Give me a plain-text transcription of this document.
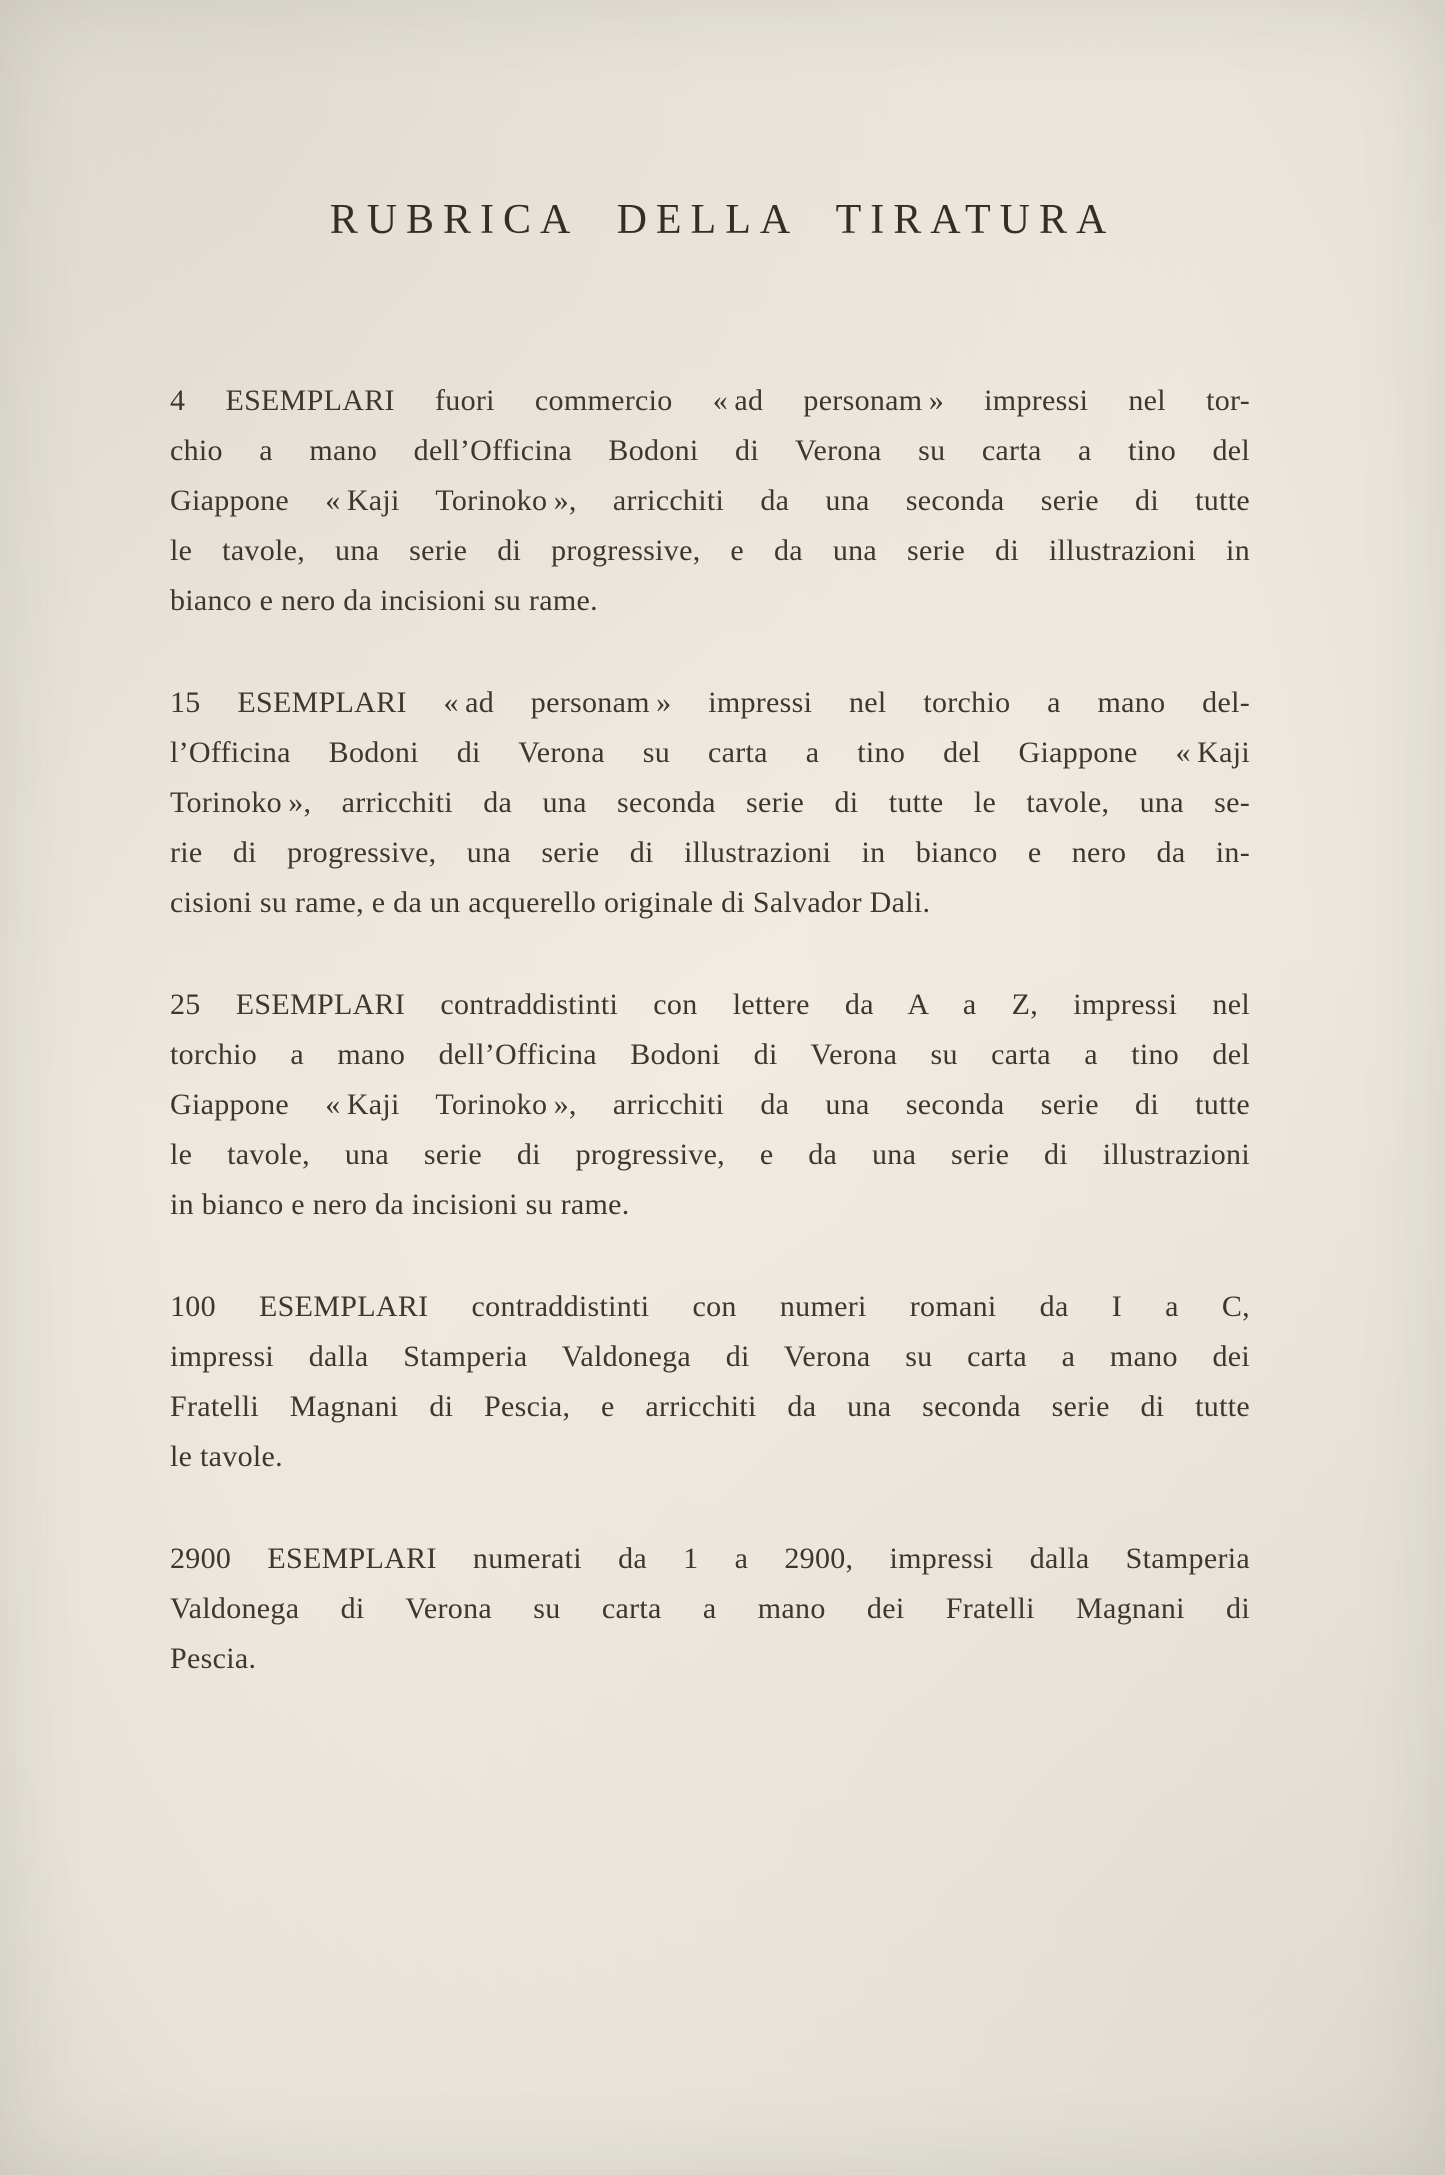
RUBRICA DELLA TIRATURA
4 ESEMPLARI fuori commercio « ad personam » impressi nel tor-
chio a mano dell’Officina Bodoni di Verona su carta a tino del
Giappone « Kaji Torinoko », arricchiti da una seconda serie di tutte
le tavole, una serie di progressive, e da una serie di illustrazioni in
bianco e nero da incisioni su rame.
15 ESEMPLARI « ad personam » impressi nel torchio a mano del-
l’Officina Bodoni di Verona su carta a tino del Giappone « Kaji
Torinoko », arricchiti da una seconda serie di tutte le tavole, una se-
rie di progressive, una serie di illustrazioni in bianco e nero da in-
cisioni su rame, e da un acquerello originale di Salvador Dali.
25 ESEMPLARI contraddistinti con lettere da A a Z, impressi nel
torchio a mano dell’Officina Bodoni di Verona su carta a tino del
Giappone « Kaji Torinoko », arricchiti da una seconda serie di tutte
le tavole, una serie di progressive, e da una serie di illustrazioni
in bianco e nero da incisioni su rame.
100 ESEMPLARI contraddistinti con numeri romani da I a C,
impressi dalla Stamperia Valdonega di Verona su carta a mano dei
Fratelli Magnani di Pescia, e arricchiti da una seconda serie di tutte
le tavole.
2900 ESEMPLARI numerati da 1 a 2900, impressi dalla Stamperia
Valdonega di Verona su carta a mano dei Fratelli Magnani di
Pescia.
